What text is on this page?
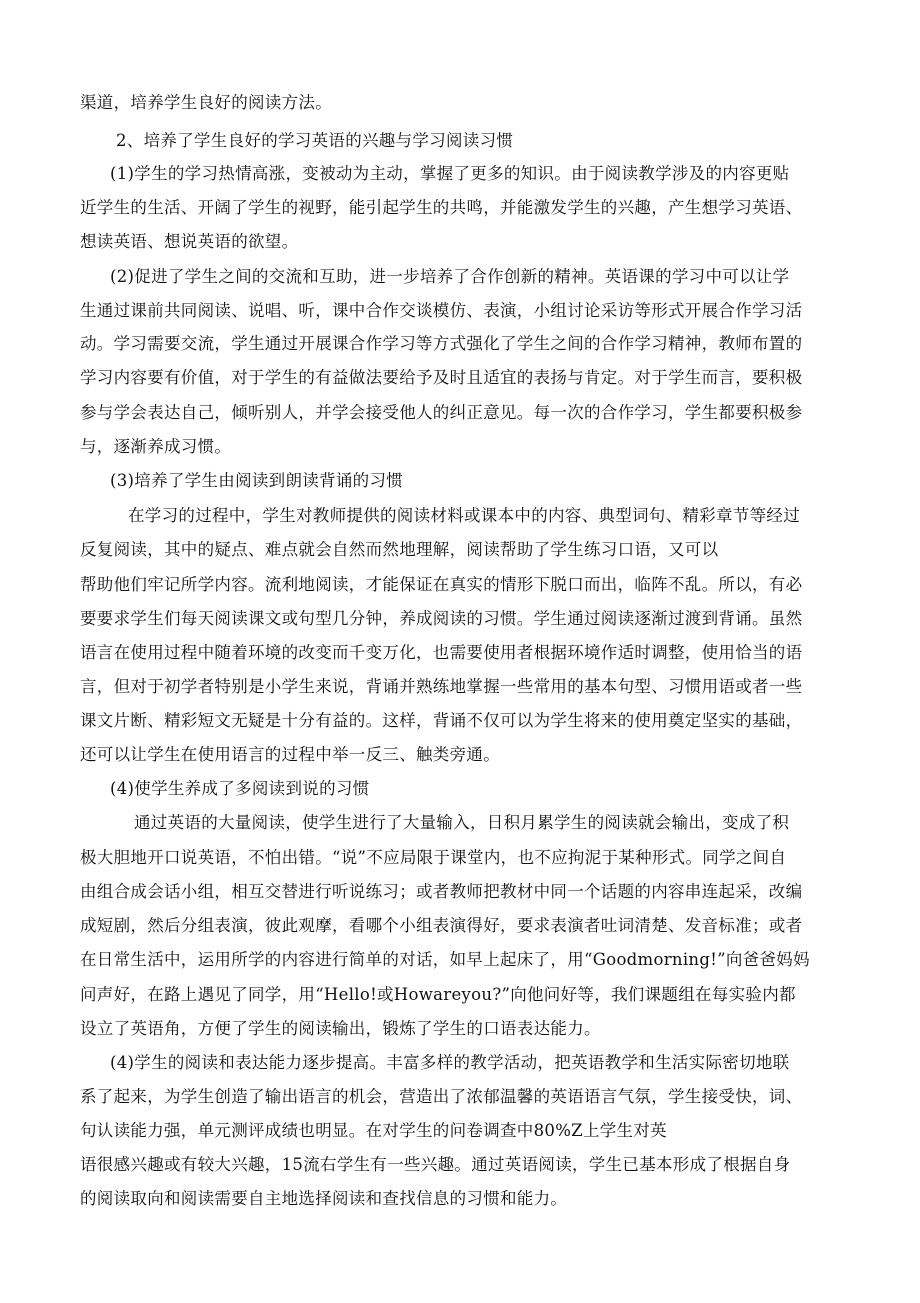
渠道，培养学生良好的阅读方法。
2、培养了学生良好的学习英语的兴趣与学习阅读习惯
(1)学生的学习热情高涨，变被动为主动，掌握了更多的知识。由于阅读教学涉及的内容更贴
近学生的生活、开阔了学生的视野，能引起学生的共鸣，并能激发学生的兴趣，产生想学习英语、
想读英语、想说英语的欲望。
(2)促进了学生之间的交流和互助，进一步培养了合作创新的精神。英语课的学习中可以让学
生通过课前共同阅读、说唱、听，课中合作交谈模仿、表演，小组讨论采访等形式开展合作学习活
动。学习需要交流，学生通过开展课合作学习等方式强化了学生之间的合作学习精神，教师布置的
学习内容要有价值，对于学生的有益做法要给予及时且适宜的表扬与肯定。对于学生而言，要积极
参与学会表达自己，倾听别人，并学会接受他人的纠正意见。每一次的合作学习，学生都要积极参
与，逐渐养成习惯。
(3)培养了学生由阅读到朗读背诵的习惯
在学习的过程中，学生对教师提供的阅读材料或课本中的内容、典型词句、精彩章节等经过
反复阅读，其中的疑点、难点就会自然而然地理解，阅读帮助了学生练习口语，又可以
帮助他们牢记所学内容。流利地阅读，才能保证在真实的情形下脱口而出，临阵不乱。所以，有必
要要求学生们每天阅读课文或句型几分钟，养成阅读的习惯。学生通过阅读逐渐过渡到背诵。虽然
语言在使用过程中随着环境的改变而千变万化，也需要使用者根据环境作适时调整，使用恰当的语
言，但对于初学者特别是小学生来说，背诵并熟练地掌握一些常用的基本句型、习惯用语或者一些
课文片断、精彩短文无疑是十分有益的。这样，背诵不仅可以为学生将来的使用奠定坚实的基础，
还可以让学生在使用语言的过程中举一反三、触类旁通。
(4)使学生养成了多阅读到说的习惯
通过英语的大量阅读，使学生进行了大量输入，日积月累学生的阅读就会输出，变成了积
极大胆地开口说英语，不怕出错。“说”不应局限于课堂内，也不应拘泥于某种形式。同学之间自
由组合成会话小组，相互交替进行听说练习；或者教师把教材中同一个话题的内容串连起采，改编
成短剧，然后分组表演，彼此观摩，看哪个小组表演得好，要求表演者吐词清楚、发音标准；或者
在日常生活中，运用所学的内容进行简单的对话，如早上起床了，用“Goodmorning!”向爸爸妈妈
问声好，在路上遇见了同学，用“Hello!或Howareyou?”向他问好等，我们课题组在每实验内都
设立了英语角，方便了学生的阅读输出，锻炼了学生的口语表达能力。
(4)学生的阅读和表达能力逐步提高。丰富多样的教学活动，把英语教学和生活实际密切地联
系了起来，为学生创造了输出语言的机会，营造出了浓郁温馨的英语语言气氛，学生接受快，词、
句认读能力强，单元测评成绩也明显。在对学生的问卷调查中80%Z上学生对英
语很感兴趣或有较大兴趣，15流右学生有一些兴趣。通过英语阅读，学生已基本形成了根据自身
的阅读取向和阅读需要自主地选择阅读和查找信息的习惯和能力。
